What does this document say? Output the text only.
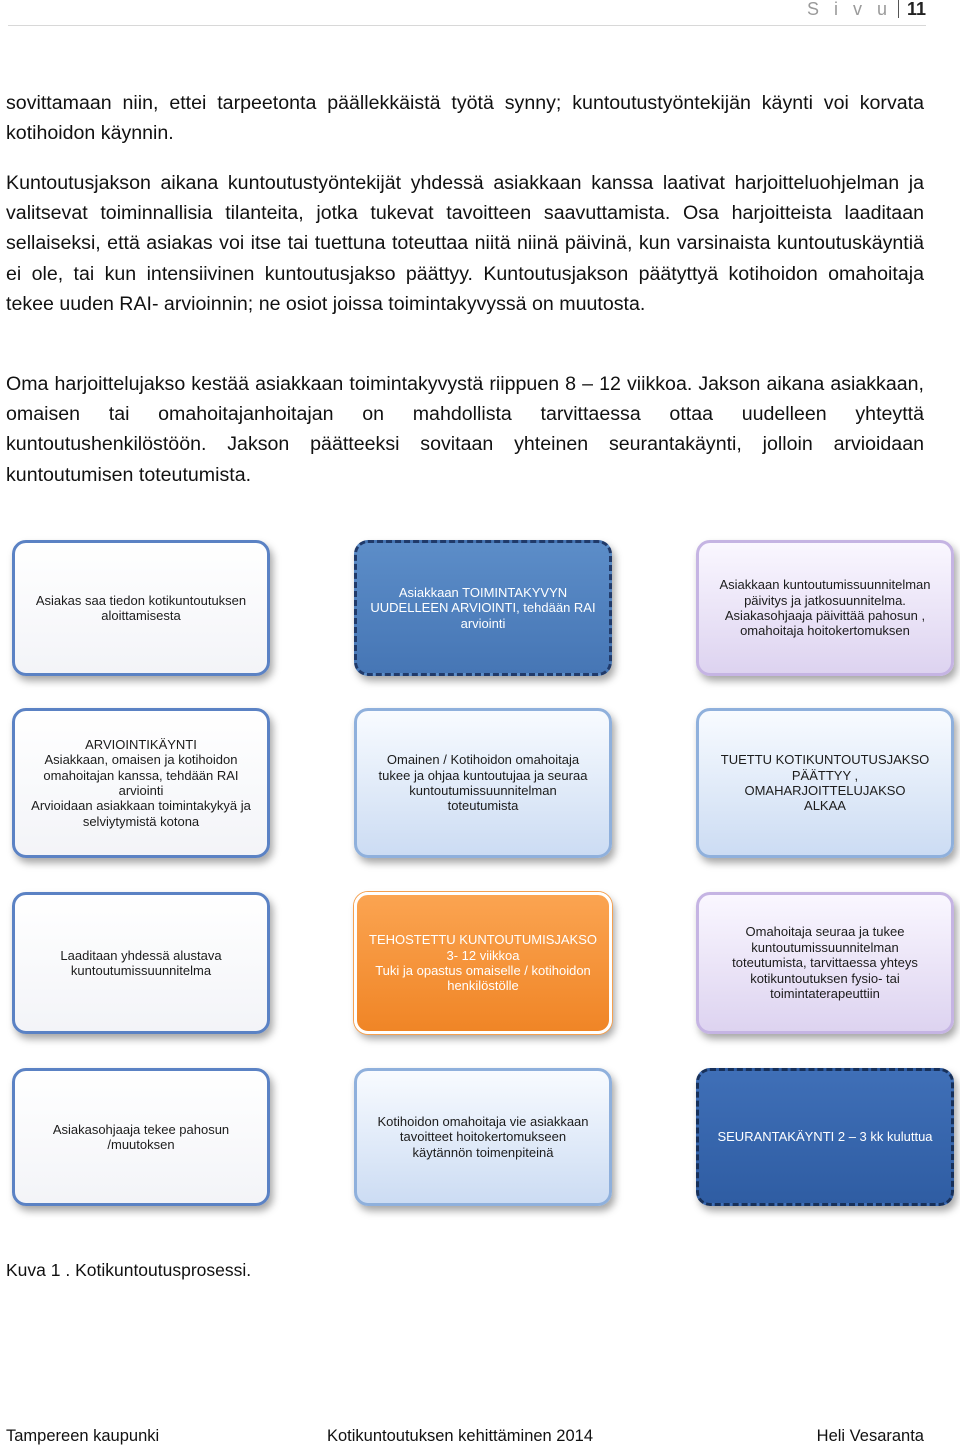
S i v u 11

sovittamaan niin, ettei tarpeetonta päällekkäistä työtä synny; kuntoutustyöntekijän käynti voi korvata kotihoidon käynnin.

Kuntoutusjakson aikana kuntoutustyöntekijät yhdessä asiakkaan kanssa laativat harjoitteluohjelman ja valitsevat toiminnallisia tilanteita, jotka tukevat tavoitteen saavuttamista. Osa harjoitteista laaditaan sellaiseksi, että asiakas voi itse tai tuettuna toteuttaa niitä niinä päivinä, kun varsinaista kuntoutuskäyntiä ei ole, tai kun intensiivinen kuntoutusjakso päättyy. Kuntoutusjakson päätyttyä kotihoidon omahoitaja tekee uuden RAI- arvioinnin; ne osiot joissa toimintakyvyssä on muutosta.

Oma harjoittelujakso kestää asiakkaan toimintakyvystä riippuen 8 – 12 viikkoa. Jakson aikana asiakkaan, omaisen tai omahoitajanhoitajan on mahdollista tarvittaessa ottaa uudelleen yhteyttä kuntoutushenkilöstöön. Jakson päätteeksi sovitaan yhteinen seurantakäynti, jolloin arvioidaan kuntoutumisen toteutumista.

Asiakas saa tiedon kotikuntoutuksen
aloittamisesta
Asiakkaan TOIMINTAKYVYN
UUDELLEEN ARVIOINTI, tehdään RAI
arviointi
Asiakkaan kuntoutumissuunnitelman
päivitys ja jatkosuunnitelma.
Asiakasohjaaja päivittää pahosun ,
omahoitaja hoitokertomuksen
ARVIOINTIKÄYNTI
Asiakkaan, omaisen ja kotihoidon
omahoitajan kanssa, tehdään RAI
arviointi
Arvioidaan asiakkaan toimintakykyä ja
selviytymistä kotona
Omainen / Kotihoidon omahoitaja
tukee ja ohjaa kuntoutujaa ja seuraa
kuntoutumissuunnitelman
toteutumista
TUETTU KOTIKUNTOUTUSJAKSO
PÄÄTTYY , OMAHARJOITTELUJAKSO
ALKAA
Laaditaan yhdessä alustava
kuntoutumissuunnitelma
TEHOSTETTU KUNTOUTUMISJAKSO
3- 12 viikkoa
Tuki ja opastus omaiselle / kotihoidon
henkilöstölle
Omahoitaja seuraa ja tukee
kuntoutumissuunnitelman
toteutumista, tarvittaessa yhteys
kotikuntoutuksen fysio- tai
toimintaterapeuttiin
Asiakasohjaaja tekee pahosun
/muutoksen
Kotihoidon omahoitaja vie asiakkaan
tavoitteet hoitokertomukseen
käytännön toimenpiteinä
SEURANTAKÄYNTI 2 – 3 kk kuluttua

Kuva 1 . Kotikuntoutusprosessi.

Tampereen kaupunki	Kotikuntoutuksen kehittäminen 2014	Heli Vesaranta
